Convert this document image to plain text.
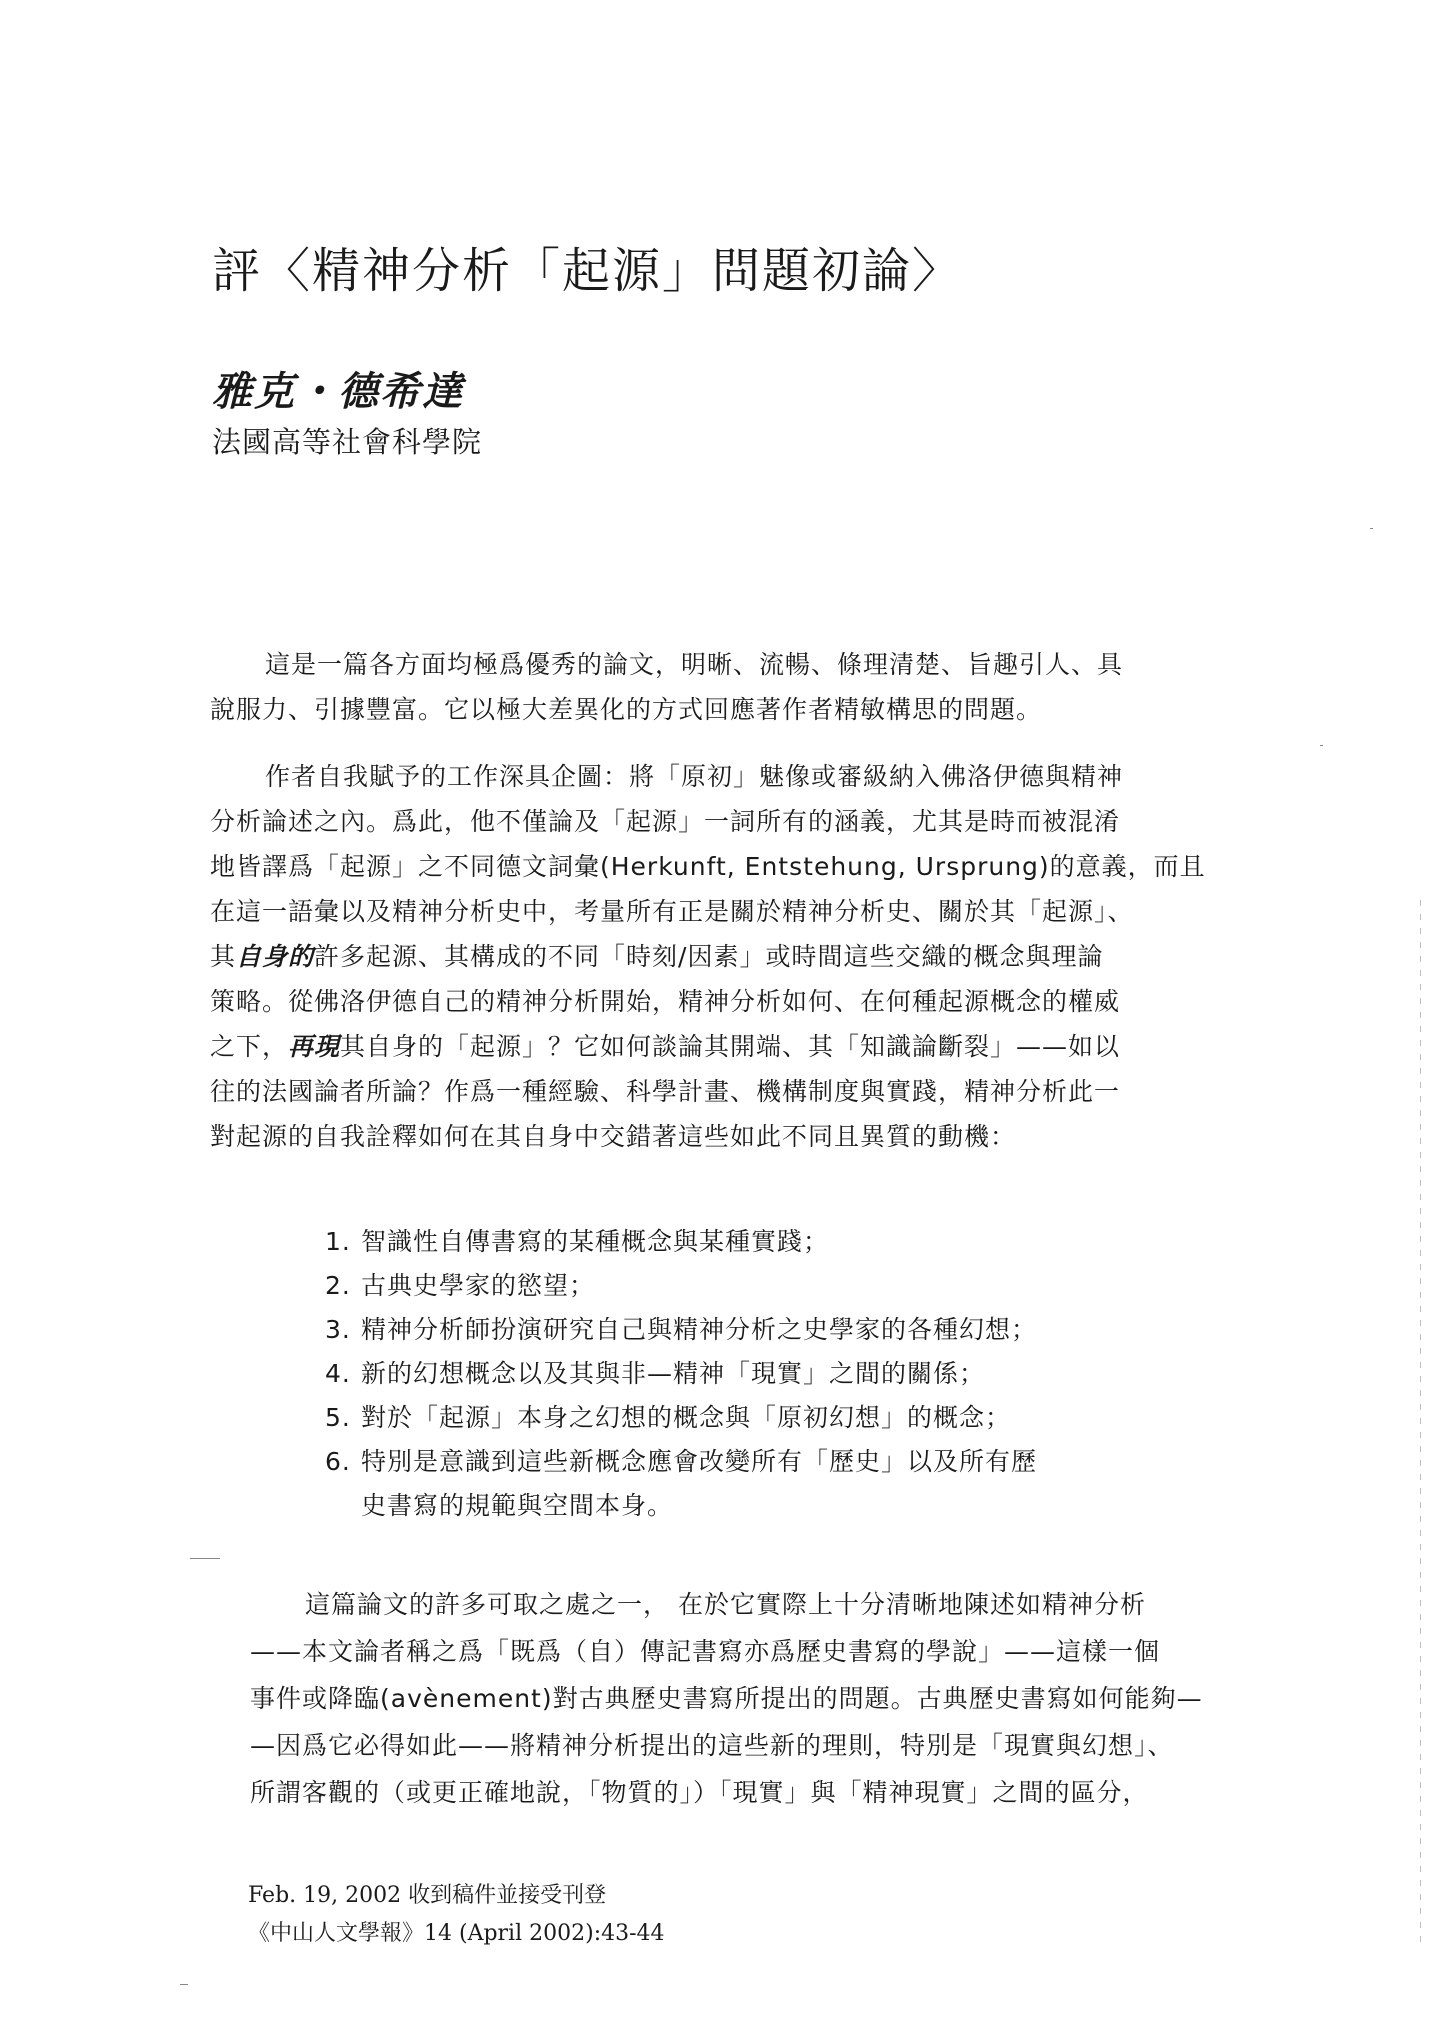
評〈精神分析「起源」問題初論〉
雅克・德希達
法國高等社會科學院
這是一篇各方面均極爲優秀的論文，明晰、流暢、條理清楚、旨趣引人、具
說服力、引據豐富。它以極大差異化的方式回應著作者精敏構思的問題。
作者自我賦予的工作深具企圖：將「原初」魅像或審級納入佛洛伊德與精神
分析論述之內。爲此，他不僅論及「起源」一詞所有的涵義，尤其是時而被混淆
地皆譯爲「起源」之不同德文詞彙(Herkunft, Entstehung, Ursprung)的意義，而且
在這一語彙以及精神分析史中，考量所有正是關於精神分析史、關於其「起源」、
其自身的許多起源、其構成的不同「時刻/因素」或時間這些交織的概念與理論
策略。從佛洛伊德自己的精神分析開始，精神分析如何、在何種起源概念的權威
之下，再現其自身的「起源」？它如何談論其開端、其「知識論斷裂」——如以
往的法國論者所論？作爲一種經驗、科學計畫、機構制度與實踐，精神分析此一
對起源的自我詮釋如何在其自身中交錯著這些如此不同且異質的動機：
1. 智識性自傳書寫的某種概念與某種實踐；
2. 古典史學家的慾望；
3. 精神分析師扮演研究自己與精神分析之史學家的各種幻想；
4. 新的幻想概念以及其與非—精神「現實」之間的關係；
5. 對於「起源」本身之幻想的概念與「原初幻想」的概念；
6. 特別是意識到這些新概念應會改變所有「歷史」以及所有歷
史書寫的規範與空間本身。
這篇論文的許多可取之處之一， 在於它實際上十分清晰地陳述如精神分析
——本文論者稱之爲「既爲（自）傳記書寫亦爲歷史書寫的學說」——這樣一個
事件或降臨(avènement)對古典歷史書寫所提出的問題。古典歷史書寫如何能夠—
—因爲它必得如此——將精神分析提出的這些新的理則，特別是「現實與幻想」、
所謂客觀的（或更正確地說，「物質的」）「現實」與「精神現實」之間的區分，
Feb. 19, 2002 收到稿件並接受刊登
《中山人文學報》14 (April 2002):43-44
